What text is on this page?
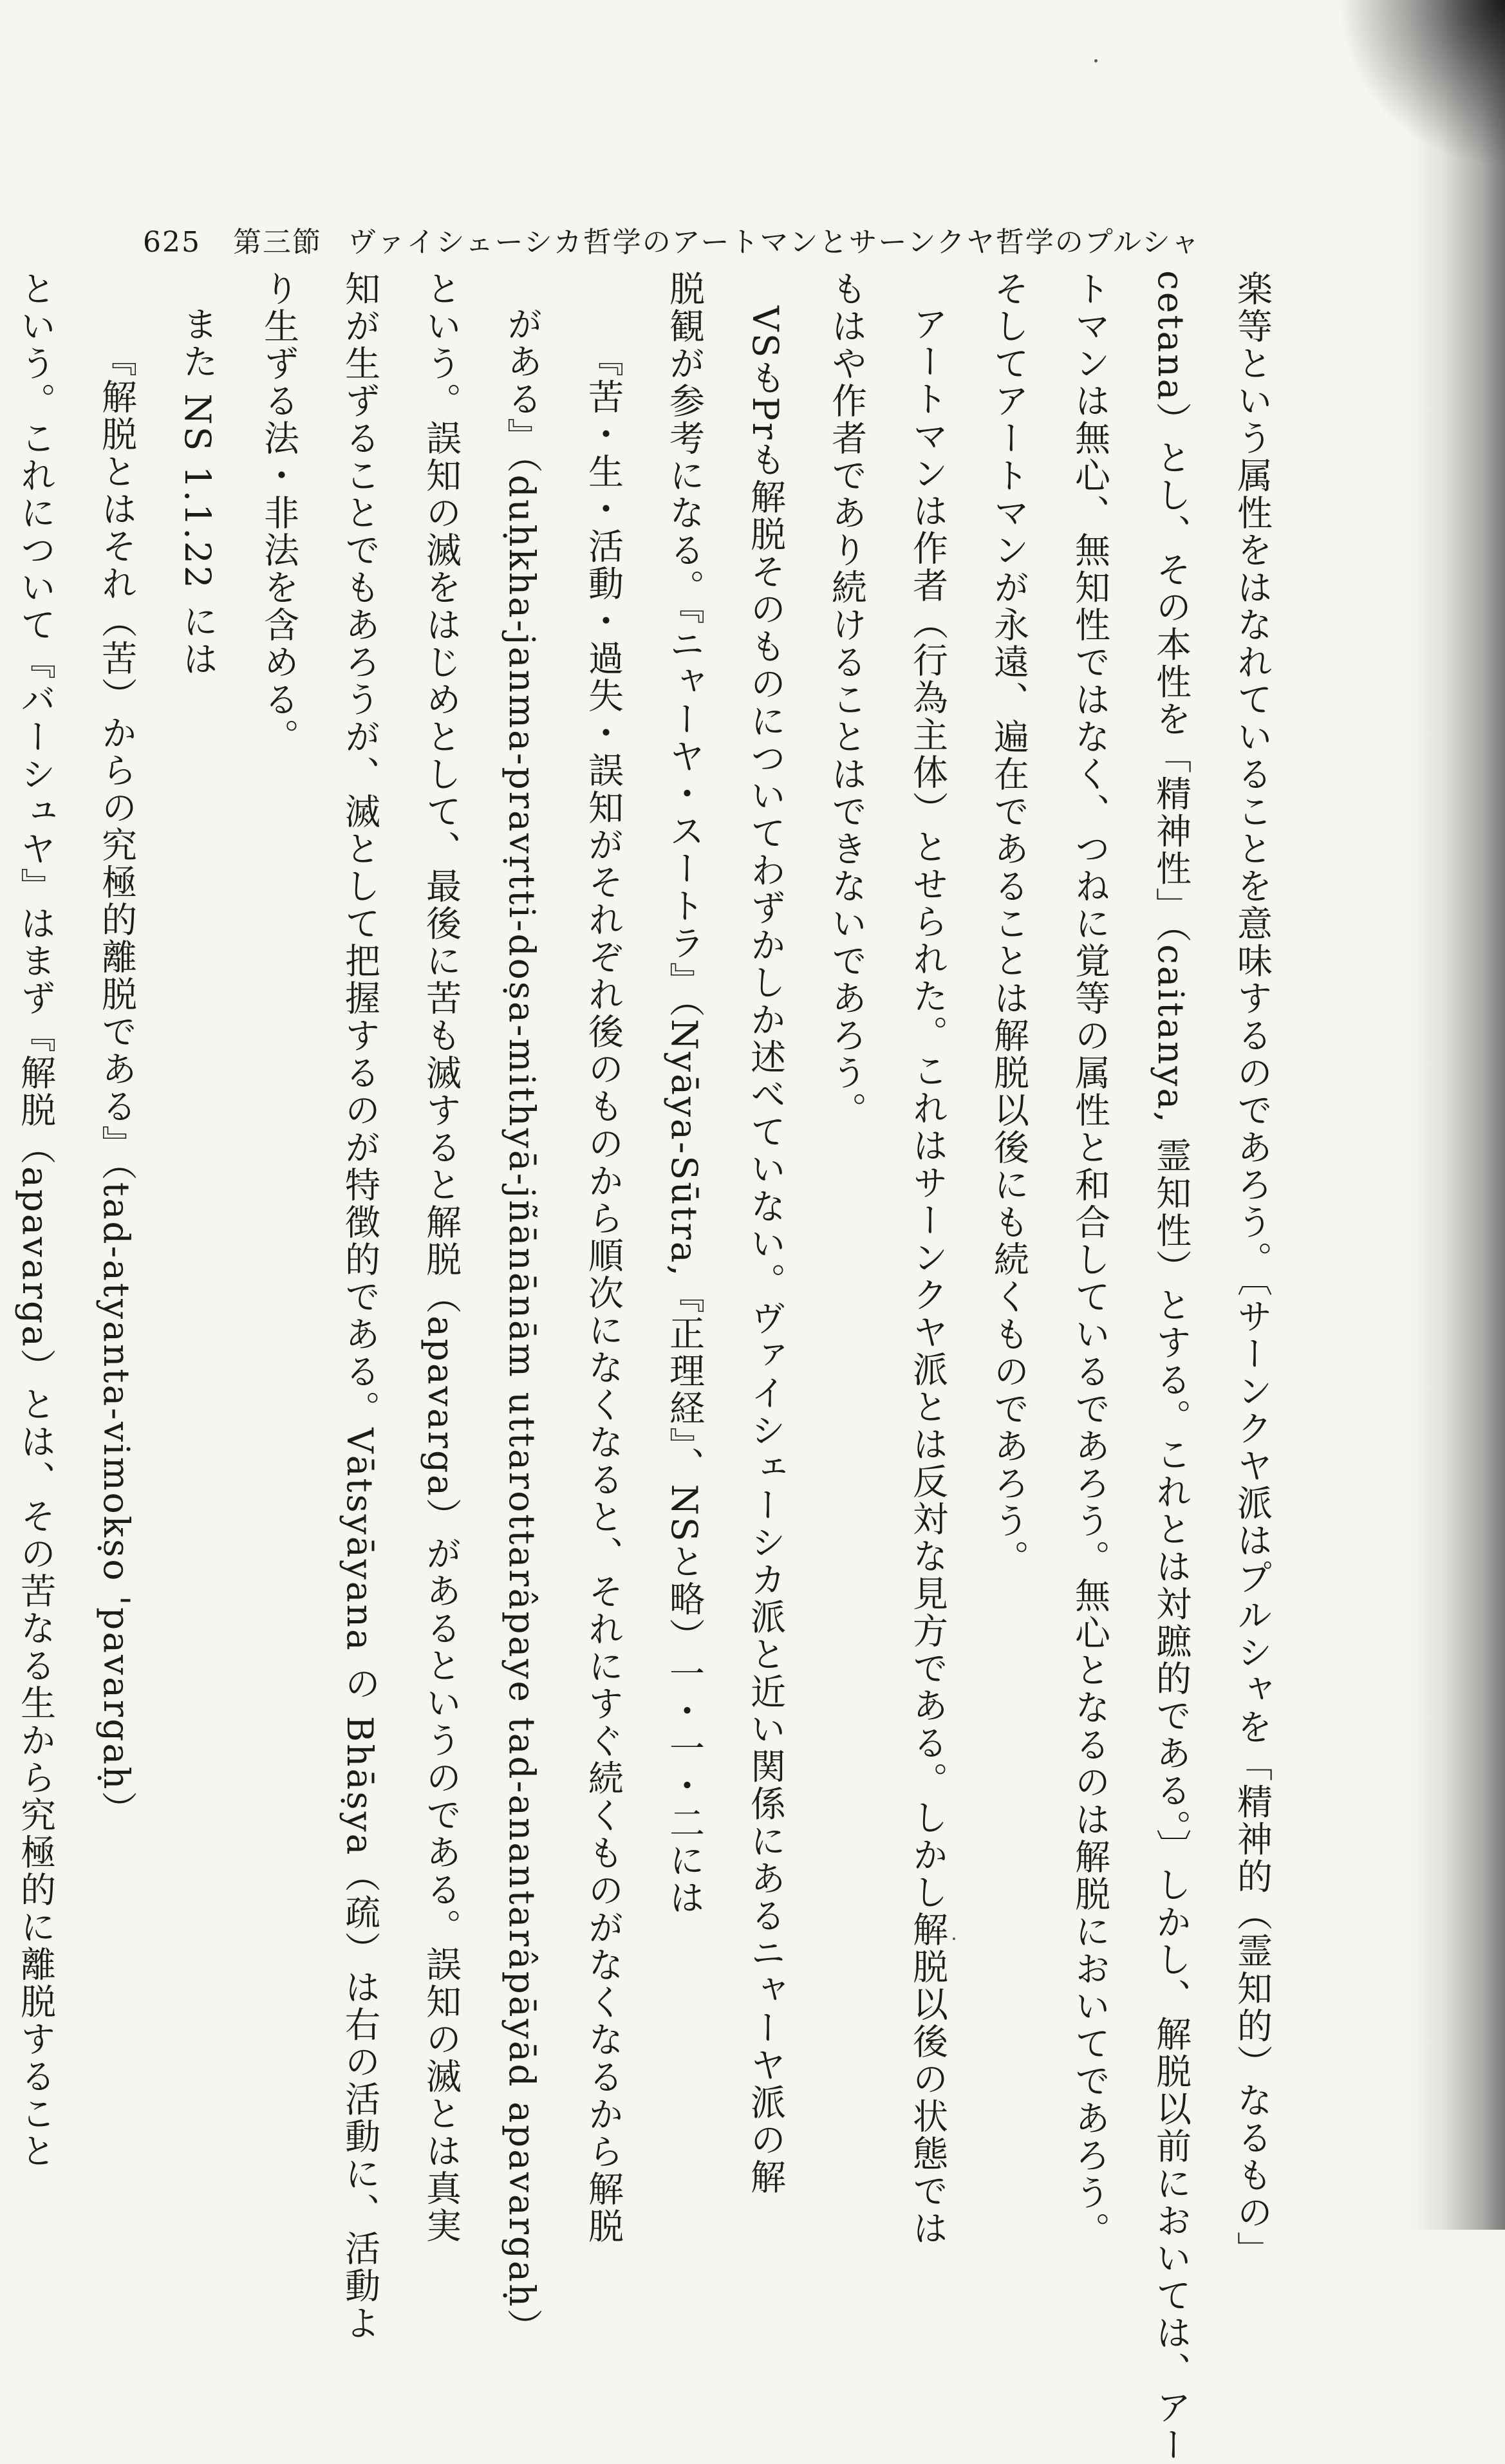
625 第三節 ヴァイシェーシカ哲学のアートマンとサーンクヤ哲学のプルシャ
楽等という属性をはなれていることを意味するのであろう。〔サーンクヤ派はプルシャを「精神的（霊知的）なるもの」
cetana）とし、その本性を「精神性」（caitanya, 霊知性）とする。これとは対蹠的である。〕しかし、解脱以前においては、アー
トマンは無心、無知性ではなく、つねに覚等の属性と和合しているであろう。無心となるのは解脱においてであろう。
そしてアートマンが永遠、遍在であることは解脱以後にも続くものであろう。
アートマンは作者（行為主体）とせられた。これはサーンクヤ派とは反対な見方である。しかし解脱以後の状態では
もはや作者であり続けることはできないであろう。
VSもPrも解脱そのものについてわずかしか述べていない。ヴァイシェーシカ派と近い関係にあるニャーヤ派の解
脱観が参考になる。『ニャーヤ・スートラ』（Nyāya-Sūtra,『正理経』、NSと略）一・一・二には
『苦・生・活動・過失・誤知がそれぞれ後のものから順次になくなると、それにすぐ続くものがなくなるから解脱
がある』（duḥkha-janma-pravṛtti-doṣa-mithyā-jñānānām uttarottarâpaye tad-anantarâpāyād apavargaḥ）
という。誤知の滅をはじめとして、最後に苦も滅すると解脱（apavarga）があるというのである。誤知の滅とは真実
知が生ずることでもあろうが、滅として把握するのが特徴的である。Vātsyāyana の Bhāṣya（疏）は右の活動に、活動よ
り生ずる法・非法を含める。
また NS 1.1.22 には
『解脱とはそれ（苦）からの究極的離脱である』（tad-atyanta-vimokṣo 'pavargaḥ）
という。これについて『バーシュヤ』はまず『解脱（apavarga）とは、その苦なる生から究極的に離脱すること
